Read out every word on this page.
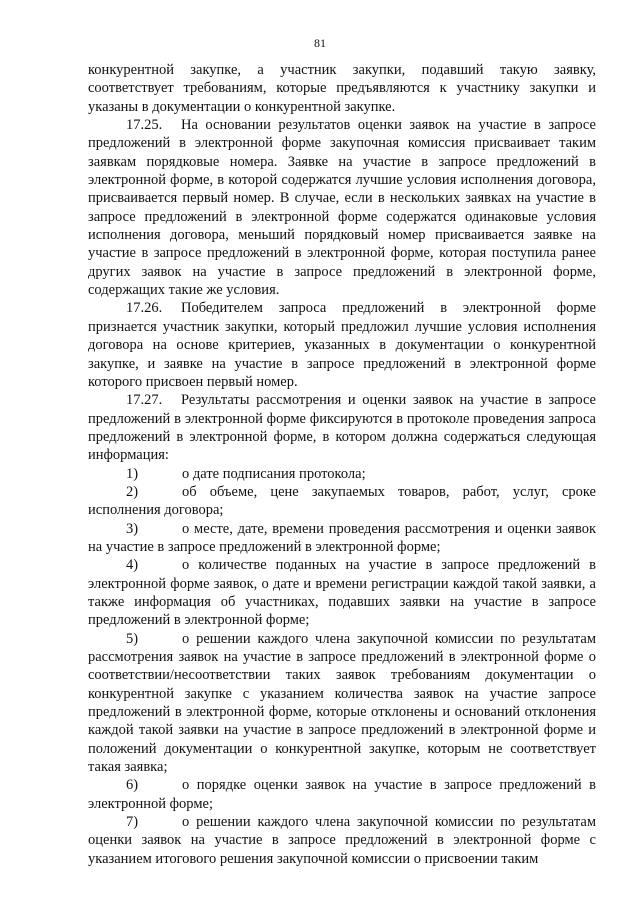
81

конкурентной закупке, а участник закупки, подавший такую заявку, соответствует требованиям, которые предъявляются к участнику закупки и указаны в документации о конкурентной закупке.

17.25. На основании результатов оценки заявок на участие в запросе предложений в электронной форме закупочная комиссия присваивает таким заявкам порядковые номера. Заявке на участие в запросе предложений в электронной форме, в которой содержатся лучшие условия исполнения договора, присваивается первый номер. В случае, если в нескольких заявках на участие в запросе предложений в электронной форме содержатся одинаковые условия исполнения договора, меньший порядковый номер присваивается заявке на участие в запросе предложений в электронной форме, которая поступила ранее других заявок на участие в запросе предложений в электронной форме, содержащих такие же условия.

17.26. Победителем запроса предложений в электронной форме признается участник закупки, который предложил лучшие условия исполнения договора на основе критериев, указанных в документации о конкурентной закупке, и заявке на участие в запросе предложений в электронной форме которого присвоен первый номер.

17.27. Результаты рассмотрения и оценки заявок на участие в запросе предложений в электронной форме фиксируются в протоколе проведения запроса предложений в электронной форме, в котором должна содержаться следующая информация:

1)	о дате подписания протокола;

2)	об объеме, цене закупаемых товаров, работ, услуг, сроке исполнения договора;

3)	о месте, дате, времени проведения рассмотрения и оценки заявок на участие в запросе предложений в электронной форме;

4)	о количестве поданных на участие в запросе предложений в электронной форме заявок, о дате и времени регистрации каждой такой заявки, а также информация об участниках, подавших заявки на участие в запросе предложений в электронной форме;

5)	о решении каждого члена закупочной комиссии по результатам рассмотрения заявок на участие в запросе предложений в электронной форме о соответствии/несоответствии таких заявок требованиям документации о конкурентной закупке с указанием количества заявок на участие запросе предложений в электронной форме, которые отклонены и оснований отклонения каждой такой заявки на участие в запросе предложений в электронной форме и положений документации о конкурентной закупке, которым не соответствует такая заявка;

6)	о порядке оценки заявок на участие в запросе предложений в электронной форме;

7)	о решении каждого члена закупочной комиссии по результатам оценки заявок на участие в запросе предложений в электронной форме с указанием итогового решения закупочной комиссии о присвоении таким
